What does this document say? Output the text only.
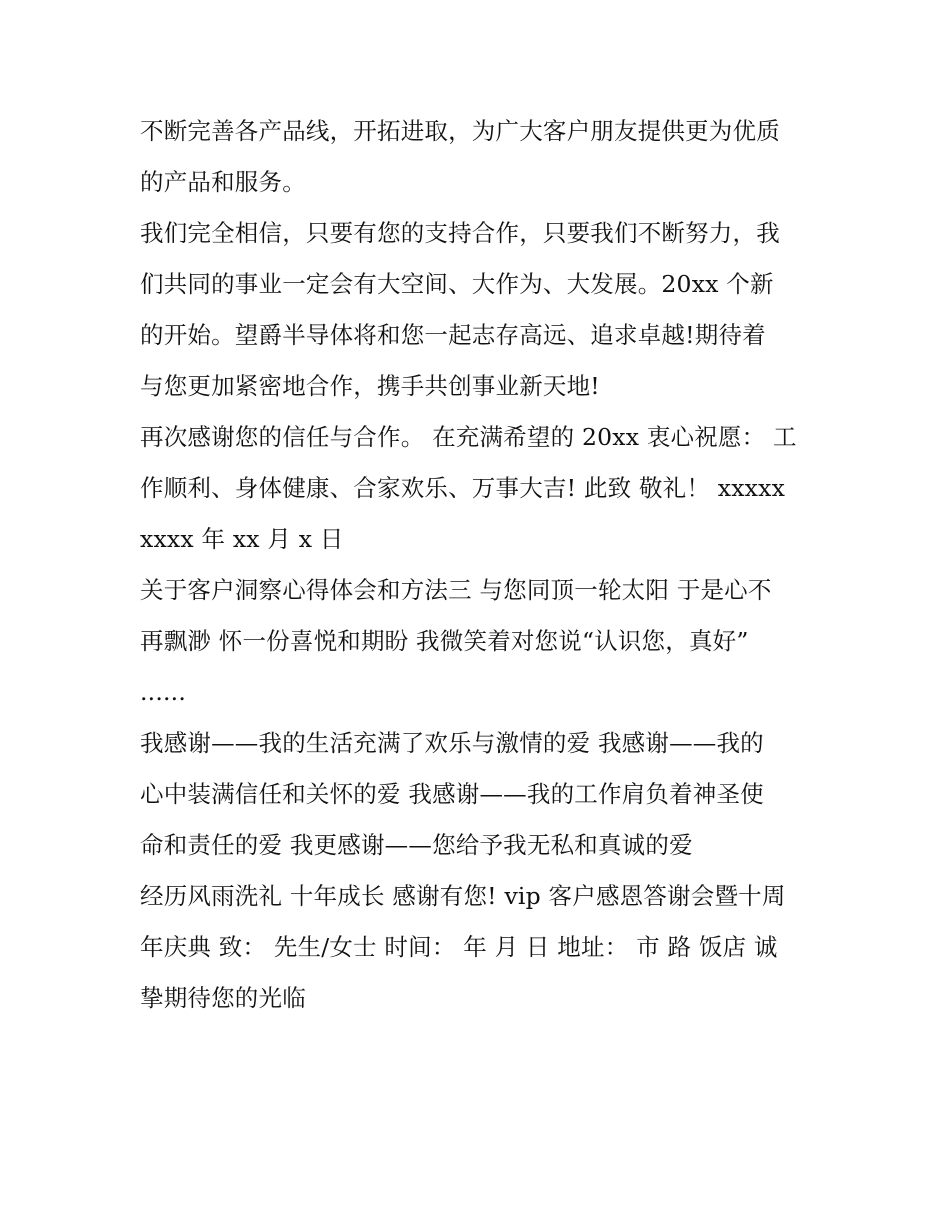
不断完善各产品线，开拓进取，为广大客户朋友提供更为优质
的产品和服务。
我们完全相信，只要有您的支持合作，只要我们不断努力，我
们共同的事业一定会有大空间、大作为、大发展。20xx 个新
的开始。望爵半导体将和您一起志存高远、追求卓越!期待着
与您更加紧密地合作，携手共创事业新天地!
再次感谢您的信任与合作。 在充满希望的 20xx 衷心祝愿： 工
作顺利、身体健康、合家欢乐、万事大吉! 此致 敬礼！ xxxxx
xxxx 年 xx 月 x 日
关于客户洞察心得体会和方法三 与您同顶一轮太阳 于是心不
再飘渺 怀一份喜悦和期盼 我微笑着对您说“认识您，真好”
......
我感谢——我的生活充满了欢乐与激情的爱 我感谢——我的
心中装满信任和关怀的爱 我感谢——我的工作肩负着神圣使
命和责任的爱 我更感谢——您给予我无私和真诚的爱
经历风雨洗礼 十年成长 感谢有您! vip 客户感恩答谢会暨十周
年庆典 致： 先生/女士 时间： 年 月 日 地址： 市 路 饭店 诚
挚期待您的光临
